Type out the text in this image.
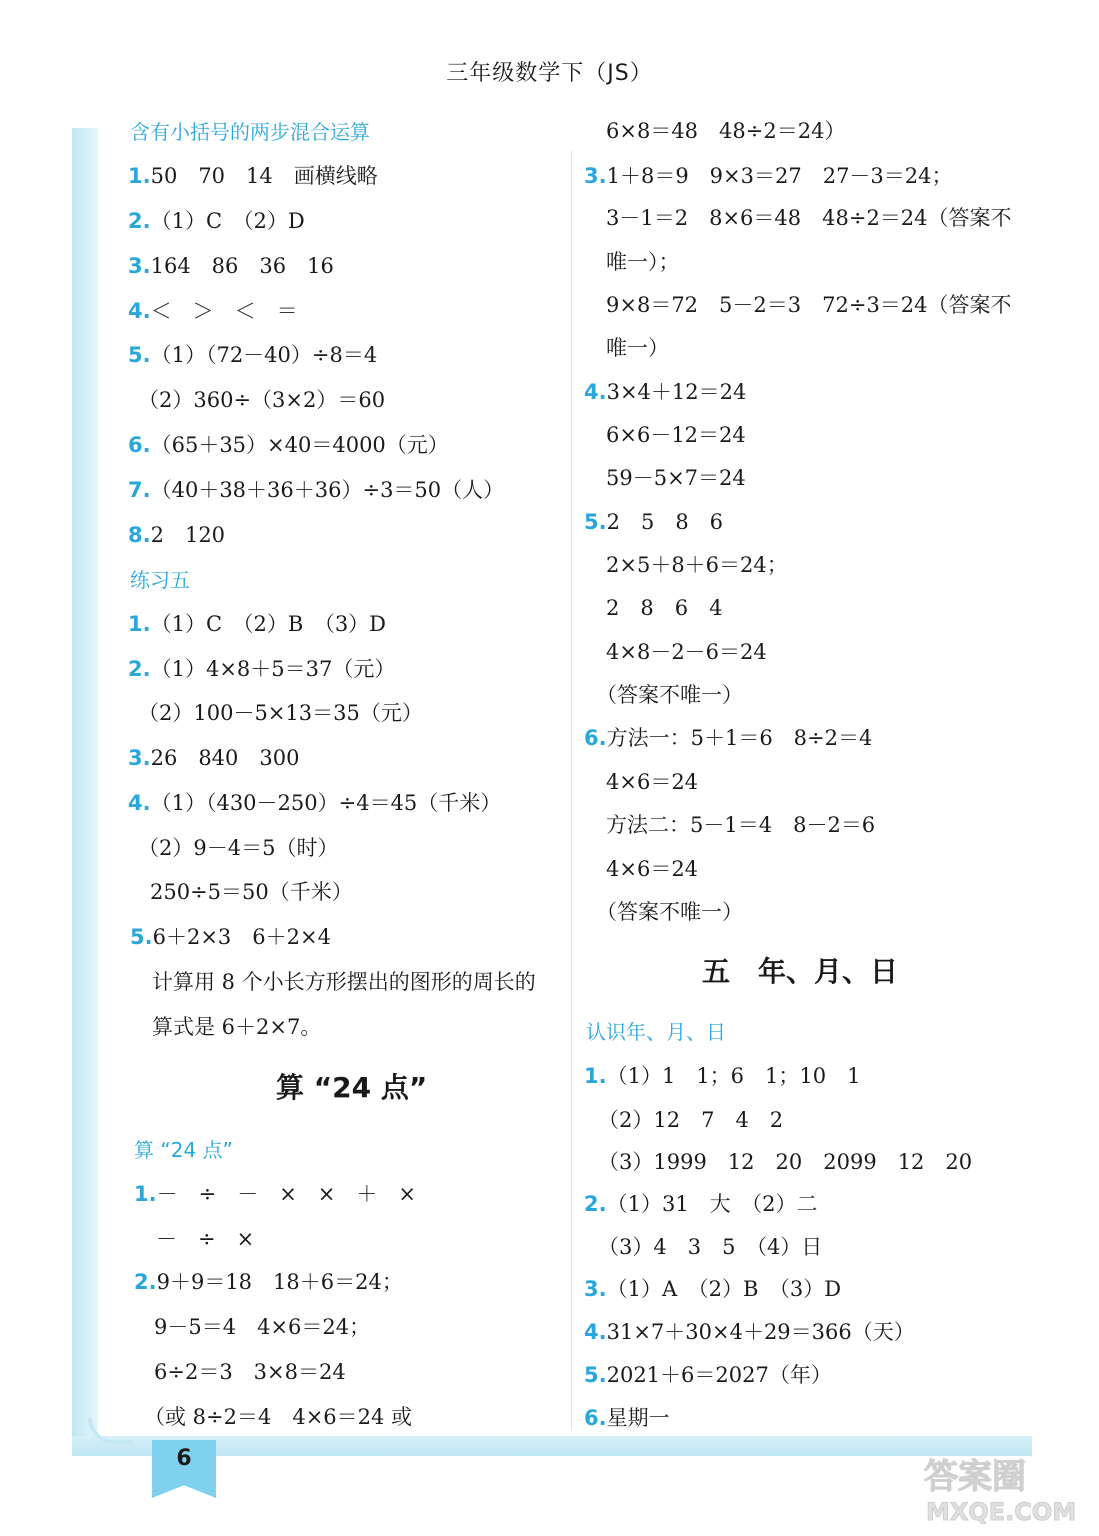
三年级数学下（JS）
含有小括号的两步混合运算
1.50　70　14　画横线略
2.（1）C　（2）D
3.164　86　36　16
4.＜　＞　＜　＝
5.（1）（72－40）÷8＝4
（2）360÷（3×2）＝60
6.（65＋35）×40＝4000（元）
7.（40＋38＋36＋36）÷3＝50（人）
8.2　120
练习五
1.（1）C　（2）B　（3）D
2.（1）4×8＋5＝37（元）
（2）100－5×13＝35（元）
3.26　840　300
4.（1）（430－250）÷4＝45（千米）
（2）9－4＝5（时）
250÷5＝50（千米）
5.6＋2×3　6＋2×4
计算用 8 个小长方形摆出的图形的周长的
算式是 6＋2×7。
算 “24 点”
算 “24 点”
1.－　÷　－　×　×　＋　×
－　÷　×
2.9＋9＝18　18＋6＝24；
9－5＝4　4×6＝24；
6÷2＝3　3×8＝24
（或 8÷2＝4　4×6＝24 或
6×8＝48　48÷2＝24）
3.1＋8＝9　9×3＝27　27－3＝24；
3－1＝2　8×6＝48　48÷2＝24（答案不
唯一）；
9×8＝72　5－2＝3　72÷3＝24（答案不
唯一）
4.3×4＋12＝24
6×6－12＝24
59－5×7＝24
5.2　5　8　6
2×5＋8＋6＝24；
2　8　6　4
4×8－2－6＝24
（答案不唯一）
6.方法一：5＋1＝6　8÷2＝4
4×6＝24
方法二：5－1＝4　8－2＝6
4×6＝24
（答案不唯一）
五　年、月、日
认识年、月、日
1.（1）1　1；6　1；10　1
（2）12　7　4　2
（3）1999　12　20　2099　12　20
2.（1）31　大　（2）二
（3）4　3　5　（4）日
3.（1）A　（2）B　（3）D
4.31×7＋30×4＋29＝366（天）
5.2021＋6＝2027（年）
6.星期一
6	答案圈
MXQE.COM
